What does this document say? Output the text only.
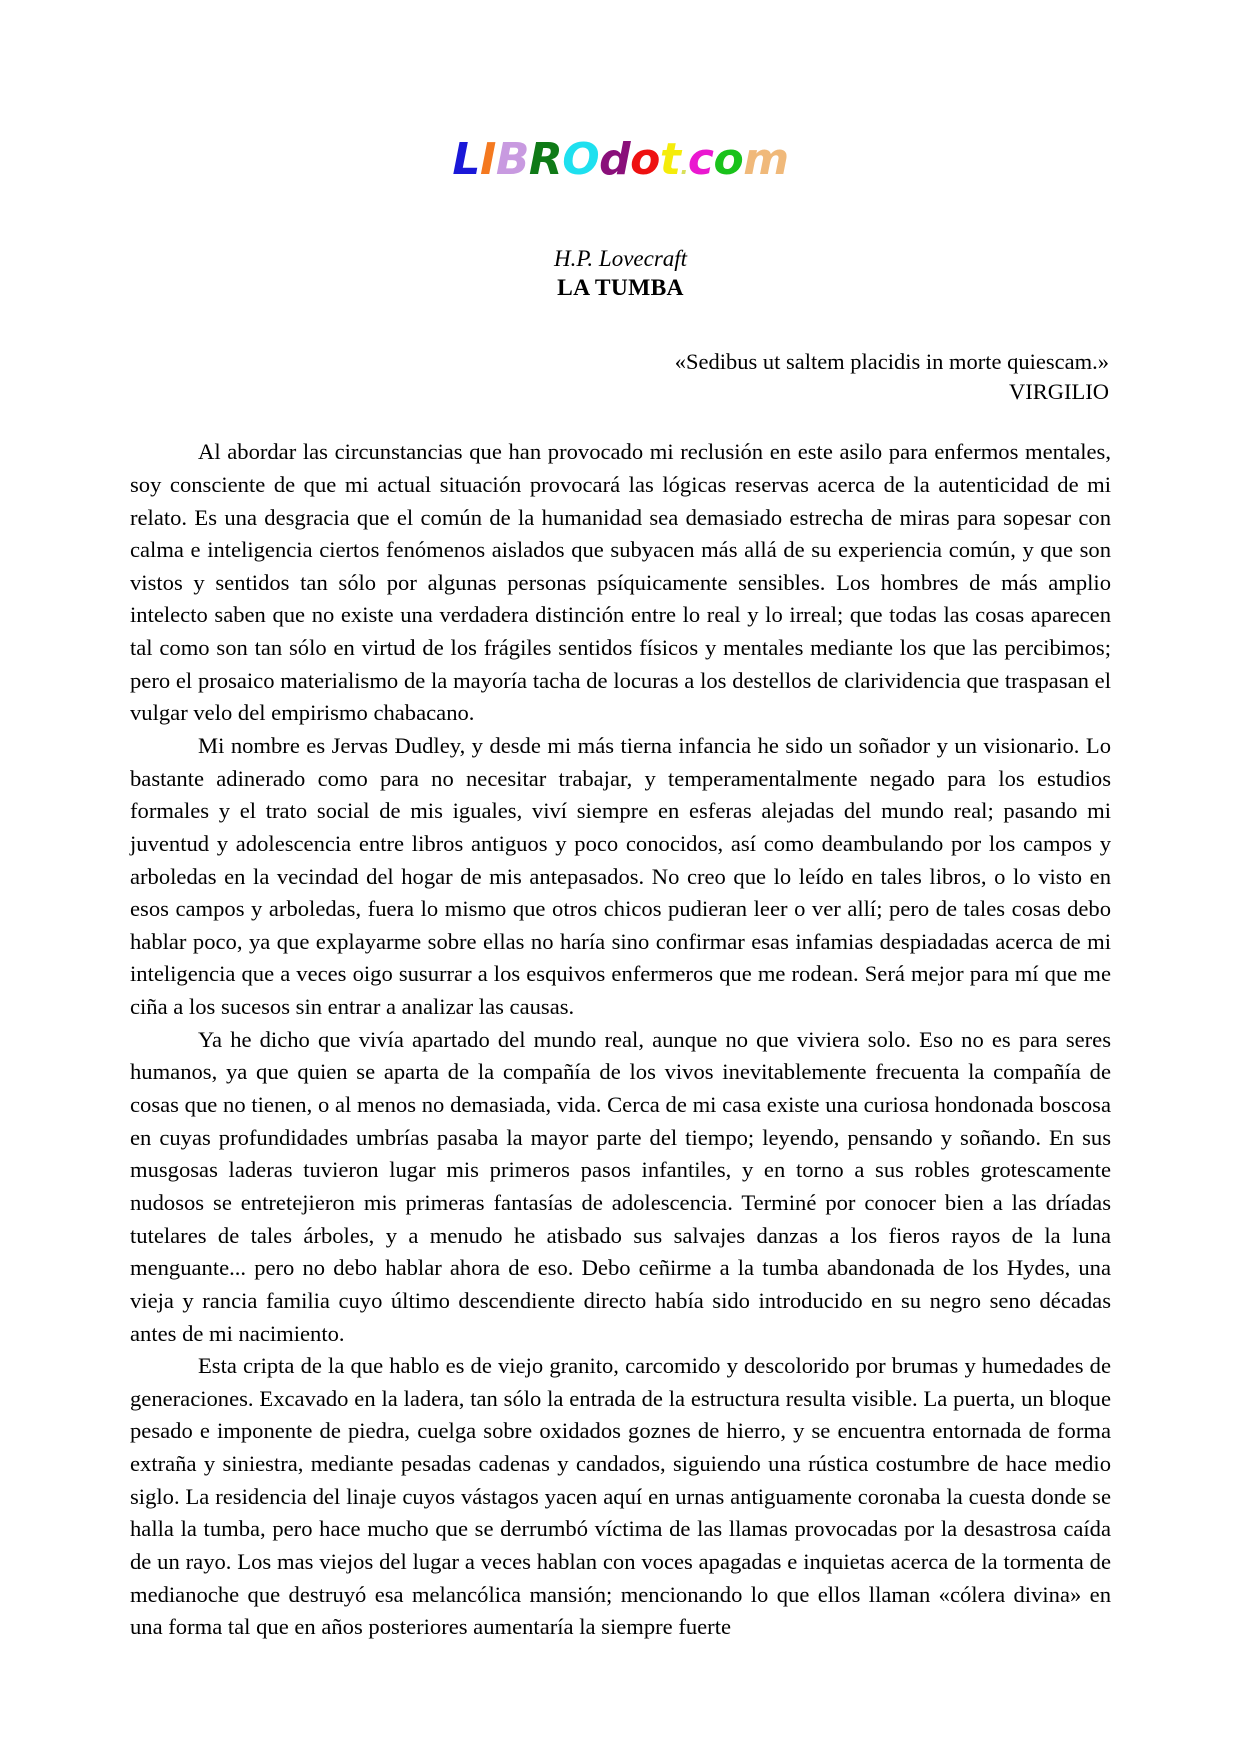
LIBROdot.com
H.P. Lovecraft
LA TUMBA
«Sedibus ut saltem placidis in morte quiescam.»
VIRGILIO

Al abordar las circunstancias que han provocado mi reclusión en este asilo para enfermos mentales, soy consciente de que mi actual situación provocará las lógicas reservas acerca de la autenticidad de mi relato. Es una desgracia que el común de la humanidad sea demasiado estrecha de miras para sopesar con calma e inteligencia ciertos fenómenos aislados que subyacen más allá de su experiencia común, y que son vistos y sentidos tan sólo por algunas personas psíquicamente sensibles. Los hombres de más amplio intelecto saben que no existe una verdadera distinción entre lo real y lo irreal; que todas las cosas aparecen tal como son tan sólo en virtud de los frágiles sentidos físicos y mentales mediante los que las percibimos; pero el prosaico materialismo de la mayoría tacha de locuras a los destellos de clarividencia que traspasan el vulgar velo del empirismo chabacano.

Mi nombre es Jervas Dudley, y desde mi más tierna infancia he sido un soñador y un visionario. Lo bastante adinerado como para no necesitar trabajar, y temperamentalmente negado para los estudios formales y el trato social de mis iguales, viví siempre en esferas alejadas del mundo real; pasando mi juventud y adolescencia entre libros antiguos y poco conocidos, así como deambulando por los campos y arboledas en la vecindad del hogar de mis antepasados. No creo que lo leído en tales libros, o lo visto en esos campos y arboledas, fuera lo mismo que otros chicos pudieran leer o ver allí; pero de tales cosas debo hablar poco, ya que explayarme sobre ellas no haría sino confirmar esas infamias despiadadas acerca de mi inteligencia que a veces oigo susurrar a los esquivos enfermeros que me rodean. Será mejor para mí que me ciña a los sucesos sin entrar a analizar las causas.

Ya he dicho que vivía apartado del mundo real, aunque no que viviera solo. Eso no es para seres humanos, ya que quien se aparta de la compañía de los vivos inevitablemente frecuenta la compañía de cosas que no tienen, o al menos no demasiada, vida. Cerca de mi casa existe una curiosa hondonada boscosa en cuyas profundidades umbrías pasaba la mayor parte del tiempo; leyendo, pensando y soñando. En sus musgosas laderas tuvieron lugar mis primeros pasos infantiles, y en torno a sus robles grotescamente nudosos se entretejieron mis primeras fantasías de adolescencia. Terminé por conocer bien a las dríadas tutelares de tales árboles, y a menudo he atisbado sus salvajes danzas a los fieros rayos de la luna menguante... pero no debo hablar ahora de eso. Debo ceñirme a la tumba abandonada de los Hydes, una vieja y rancia familia cuyo último descendiente directo había sido introducido en su negro seno décadas antes de mi nacimiento.

Esta cripta de la que hablo es de viejo granito, carcomido y descolorido por brumas y humedades de generaciones. Excavado en la ladera, tan sólo la entrada de la estructura resulta visible. La puerta, un bloque pesado e imponente de piedra, cuelga sobre oxidados goznes de hierro, y se encuentra entornada de forma extraña y siniestra, mediante pesadas cadenas y candados, siguiendo una rústica costumbre de hace medio siglo. La residencia del linaje cuyos vástagos yacen aquí en urnas antiguamente coronaba la cuesta donde se halla la tumba, pero hace mucho que se derrumbó víctima de las llamas provocadas por la desastrosa caída de un rayo. Los mas viejos del lugar a veces hablan con voces apagadas e inquietas acerca de la tormenta de medianoche que destruyó esa melancólica mansión; mencionando lo que ellos llaman «cólera divina» en una forma tal que en años posteriores aumentaría la siempre fuerte
